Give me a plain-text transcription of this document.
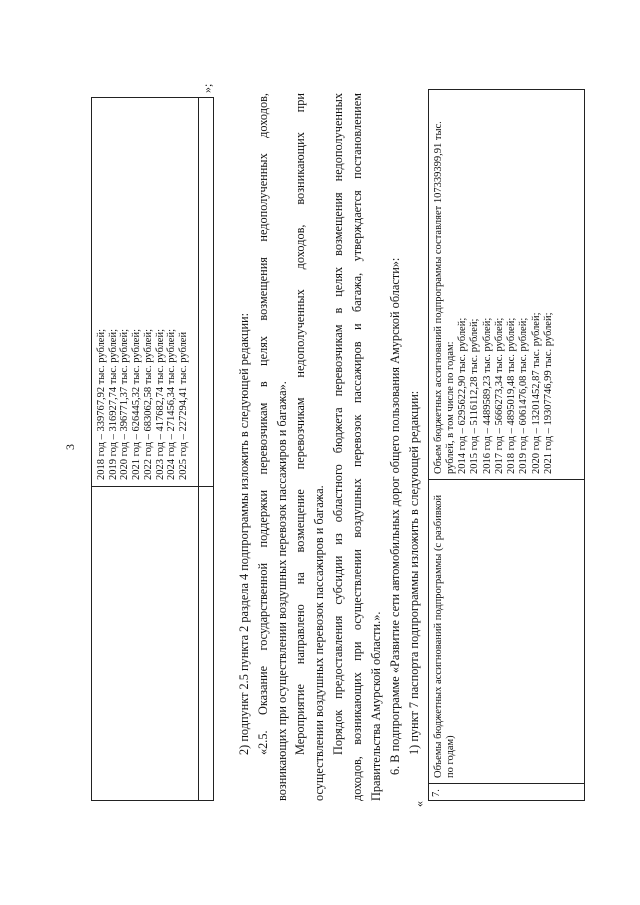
3 2018 год – 339767,92 тыс. рублей; 2019 год – 316927,74 тыс. рублей; 2020 год – 396771,37 тыс. рублей; 2021 год – 626445,32 тыс. рублей; 2022 год – 683062,58 тыс. рублей; 2023 год – 417682,74 тыс. рублей; 2024 год – 271456,34 тыс. рублей; 2025 год – 227294,41 тыс. рублей
»;
2) подпункт 2.5 пункта 2 раздела 4 подпрограммы изложить в следующей редакции: «2.5. Оказание государственной поддержки перевозчикам в целях возмещения недополученных доходов, возникающих при осуществлении воздушных перевозок пассажиров и багажа». Мероприятие направлено на возмещение перевозчикам недополученных доходов, возникающих при осуществлении воздушных перевозок пассажиров и багажа. Порядок предоставления субсидии из областного бюджета перевозчикам в целях возмещения недополученных доходов, возникающих при осуществлении воздушных перевозок пассажиров и багажа, утверждается постановлением Правительства Амурской области.». 6. В подпрограмме «Развитие сети автомобильных дорог общего пользования Амурской области»: 1) пункт 7 паспорта подпрограммы изложить в следующей редакции:
«
7.
Объемы бюджетных ассигнований подпрограммы (с разбивкой по годам)
Объем бюджетных ассигнований подпрограммы составляет 107339399,91 тыс. рублей, в том числе по годам: 2014 год – 6295622,90 тыс. рублей; 2015 год – 5116112,28 тыс. рублей; 2016 год – 4489589,23 тыс. рублей; 2017 год – 5666273,34 тыс. рублей; 2018 год – 4895019,48 тыс. рублей; 2019 год – 6061476,08 тыс. рублей; 2020 год – 13201452,87 тыс. рублей; 2021 год – 19307746,99 тыс. рублей;
